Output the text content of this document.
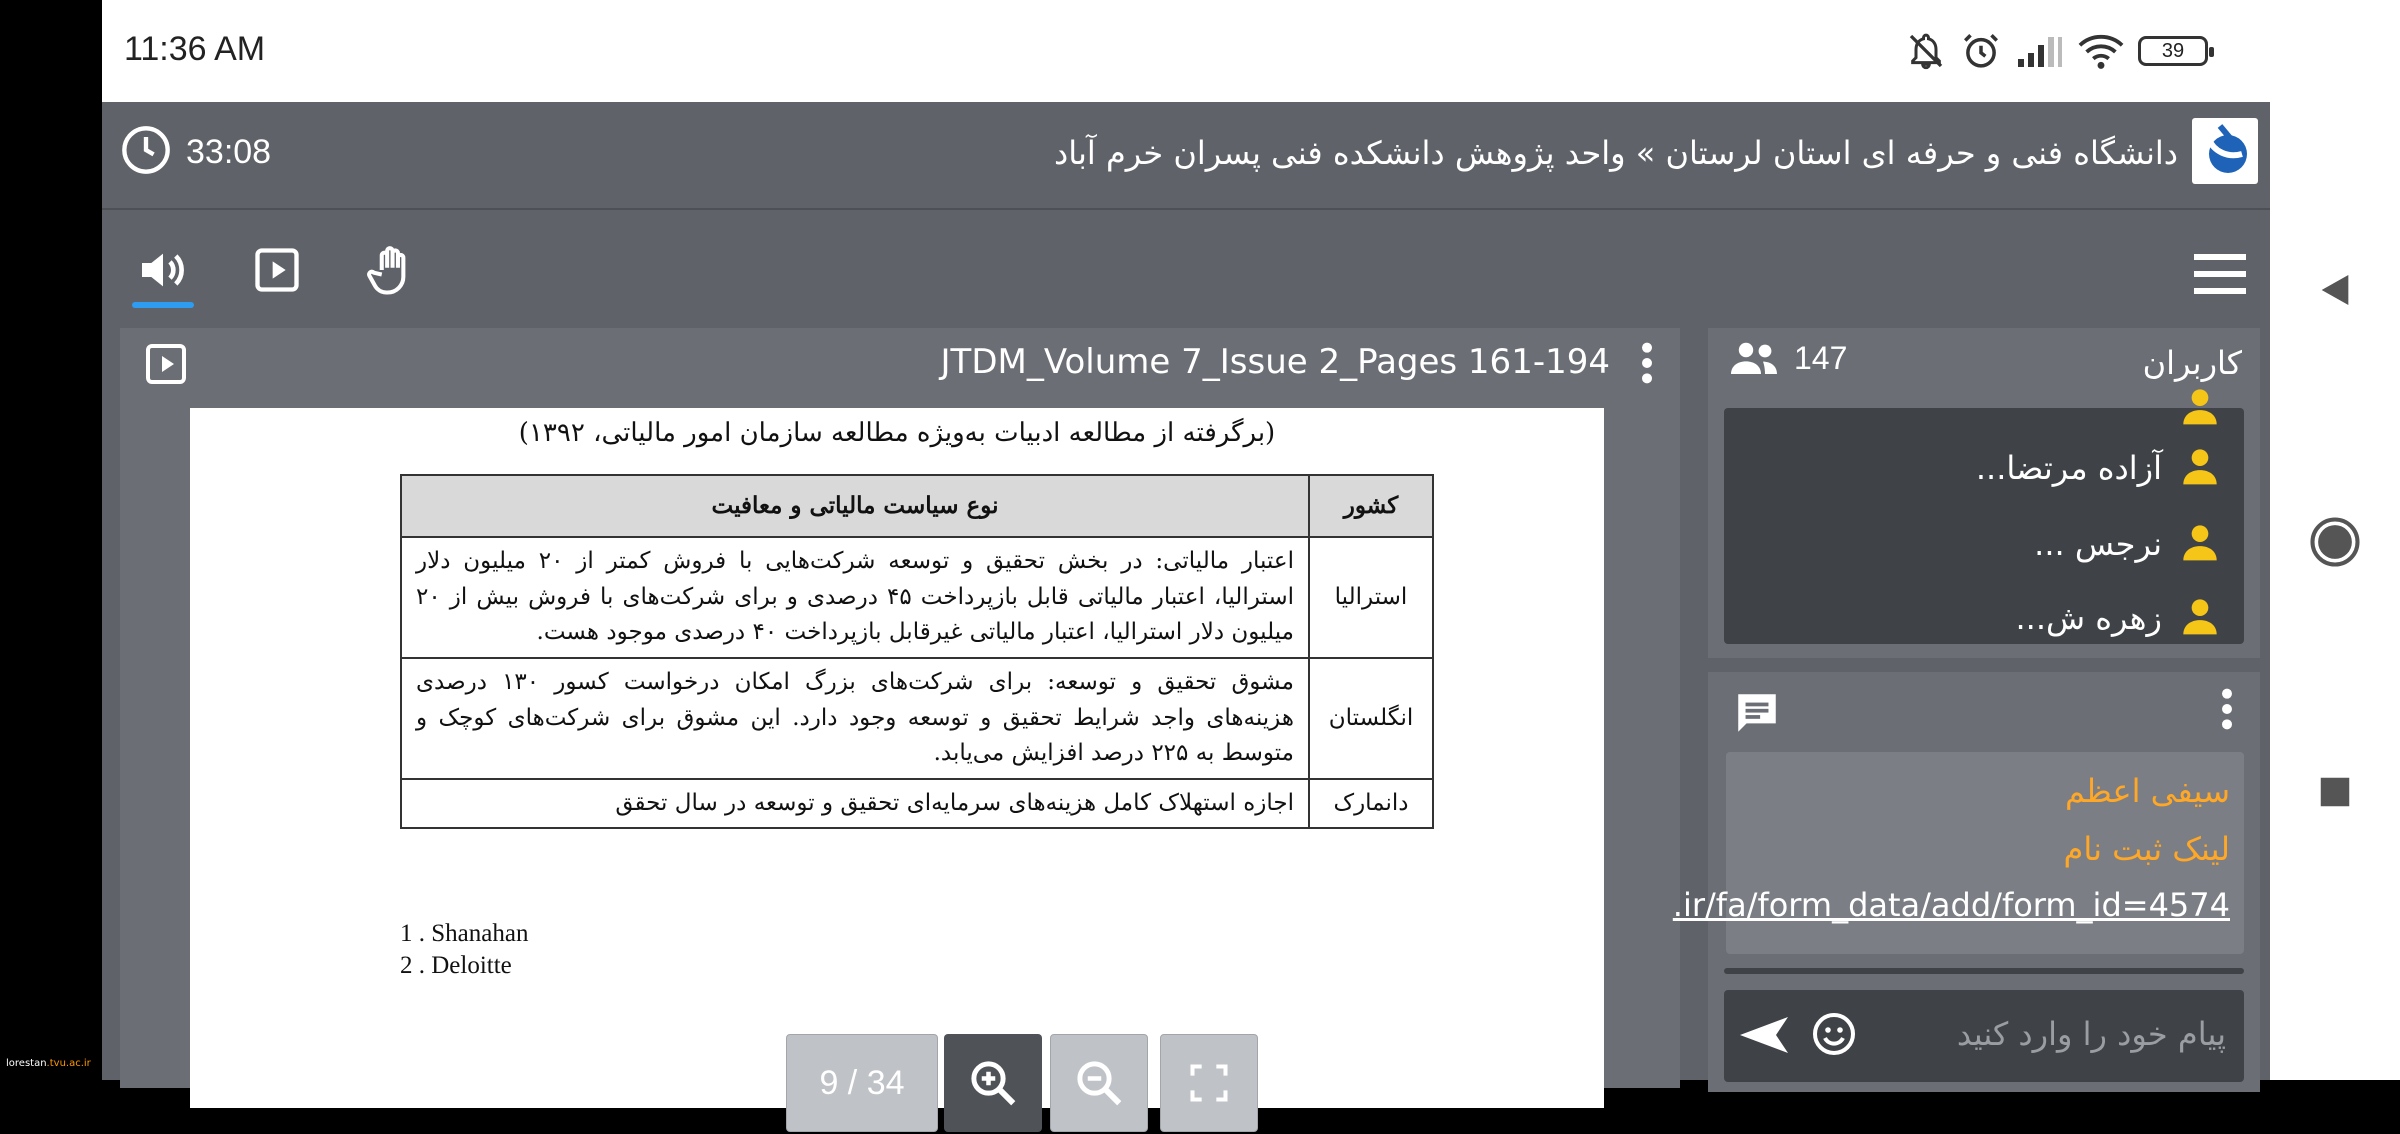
11:36 AM	39
33:08	دانشگاه فنی و حرفه ای استان لرستان » واحد پژوهش دانشکده فنی پسران خرم آباد
JTDM_Volume 7_Issue 2_Pages 161-194
(برگرفته از مطالعه ادبیات به‌ویژه مطالعه سازمان امور مالیاتی، ۱۳۹۲)
کشور	نوع سیاست مالیاتی و معافیت
استرالیا	اعتبار مالیاتی: در بخش تحقیق و توسعه شرکت‌هایی با فروش کمتر از ۲۰ میلیون دلار استرالیا، اعتبار مالیاتی قابل بازپرداخت ۴۵ درصدی و برای شرکت‌های با فروش بیش از ۲۰ میلیون دلار استرالیا، اعتبار مالیاتی غیرقابل بازپرداخت ۴۰ درصدی موجود هست.
انگلستان	مشوق تحقیق و توسعه: برای شرکت‌های بزرگ امکان درخواست کسور ۱۳۰ درصدی هزینه‌های واجد شرایط تحقیق و توسعه وجود دارد. این مشوق برای شرکت‌های کوچک و متوسط به ۲۲۵ درصد افزایش می‌یابد.
دانمارک	اجازه استهلاک کامل هزینه‌های سرمایه‌ای تحقیق و توسعه در سال تحقق
1 . Shanahan
2 . Deloitte
9 / 34
147	کاربران
آزاده مرتضا...
نرجس ...
زهره ش...
سیفی اعظم
لینک ثبت نام
.ir/fa/form_data/add/form_id=4574
پیام خود را وارد کنید
lorestan.tvu.ac.ir
